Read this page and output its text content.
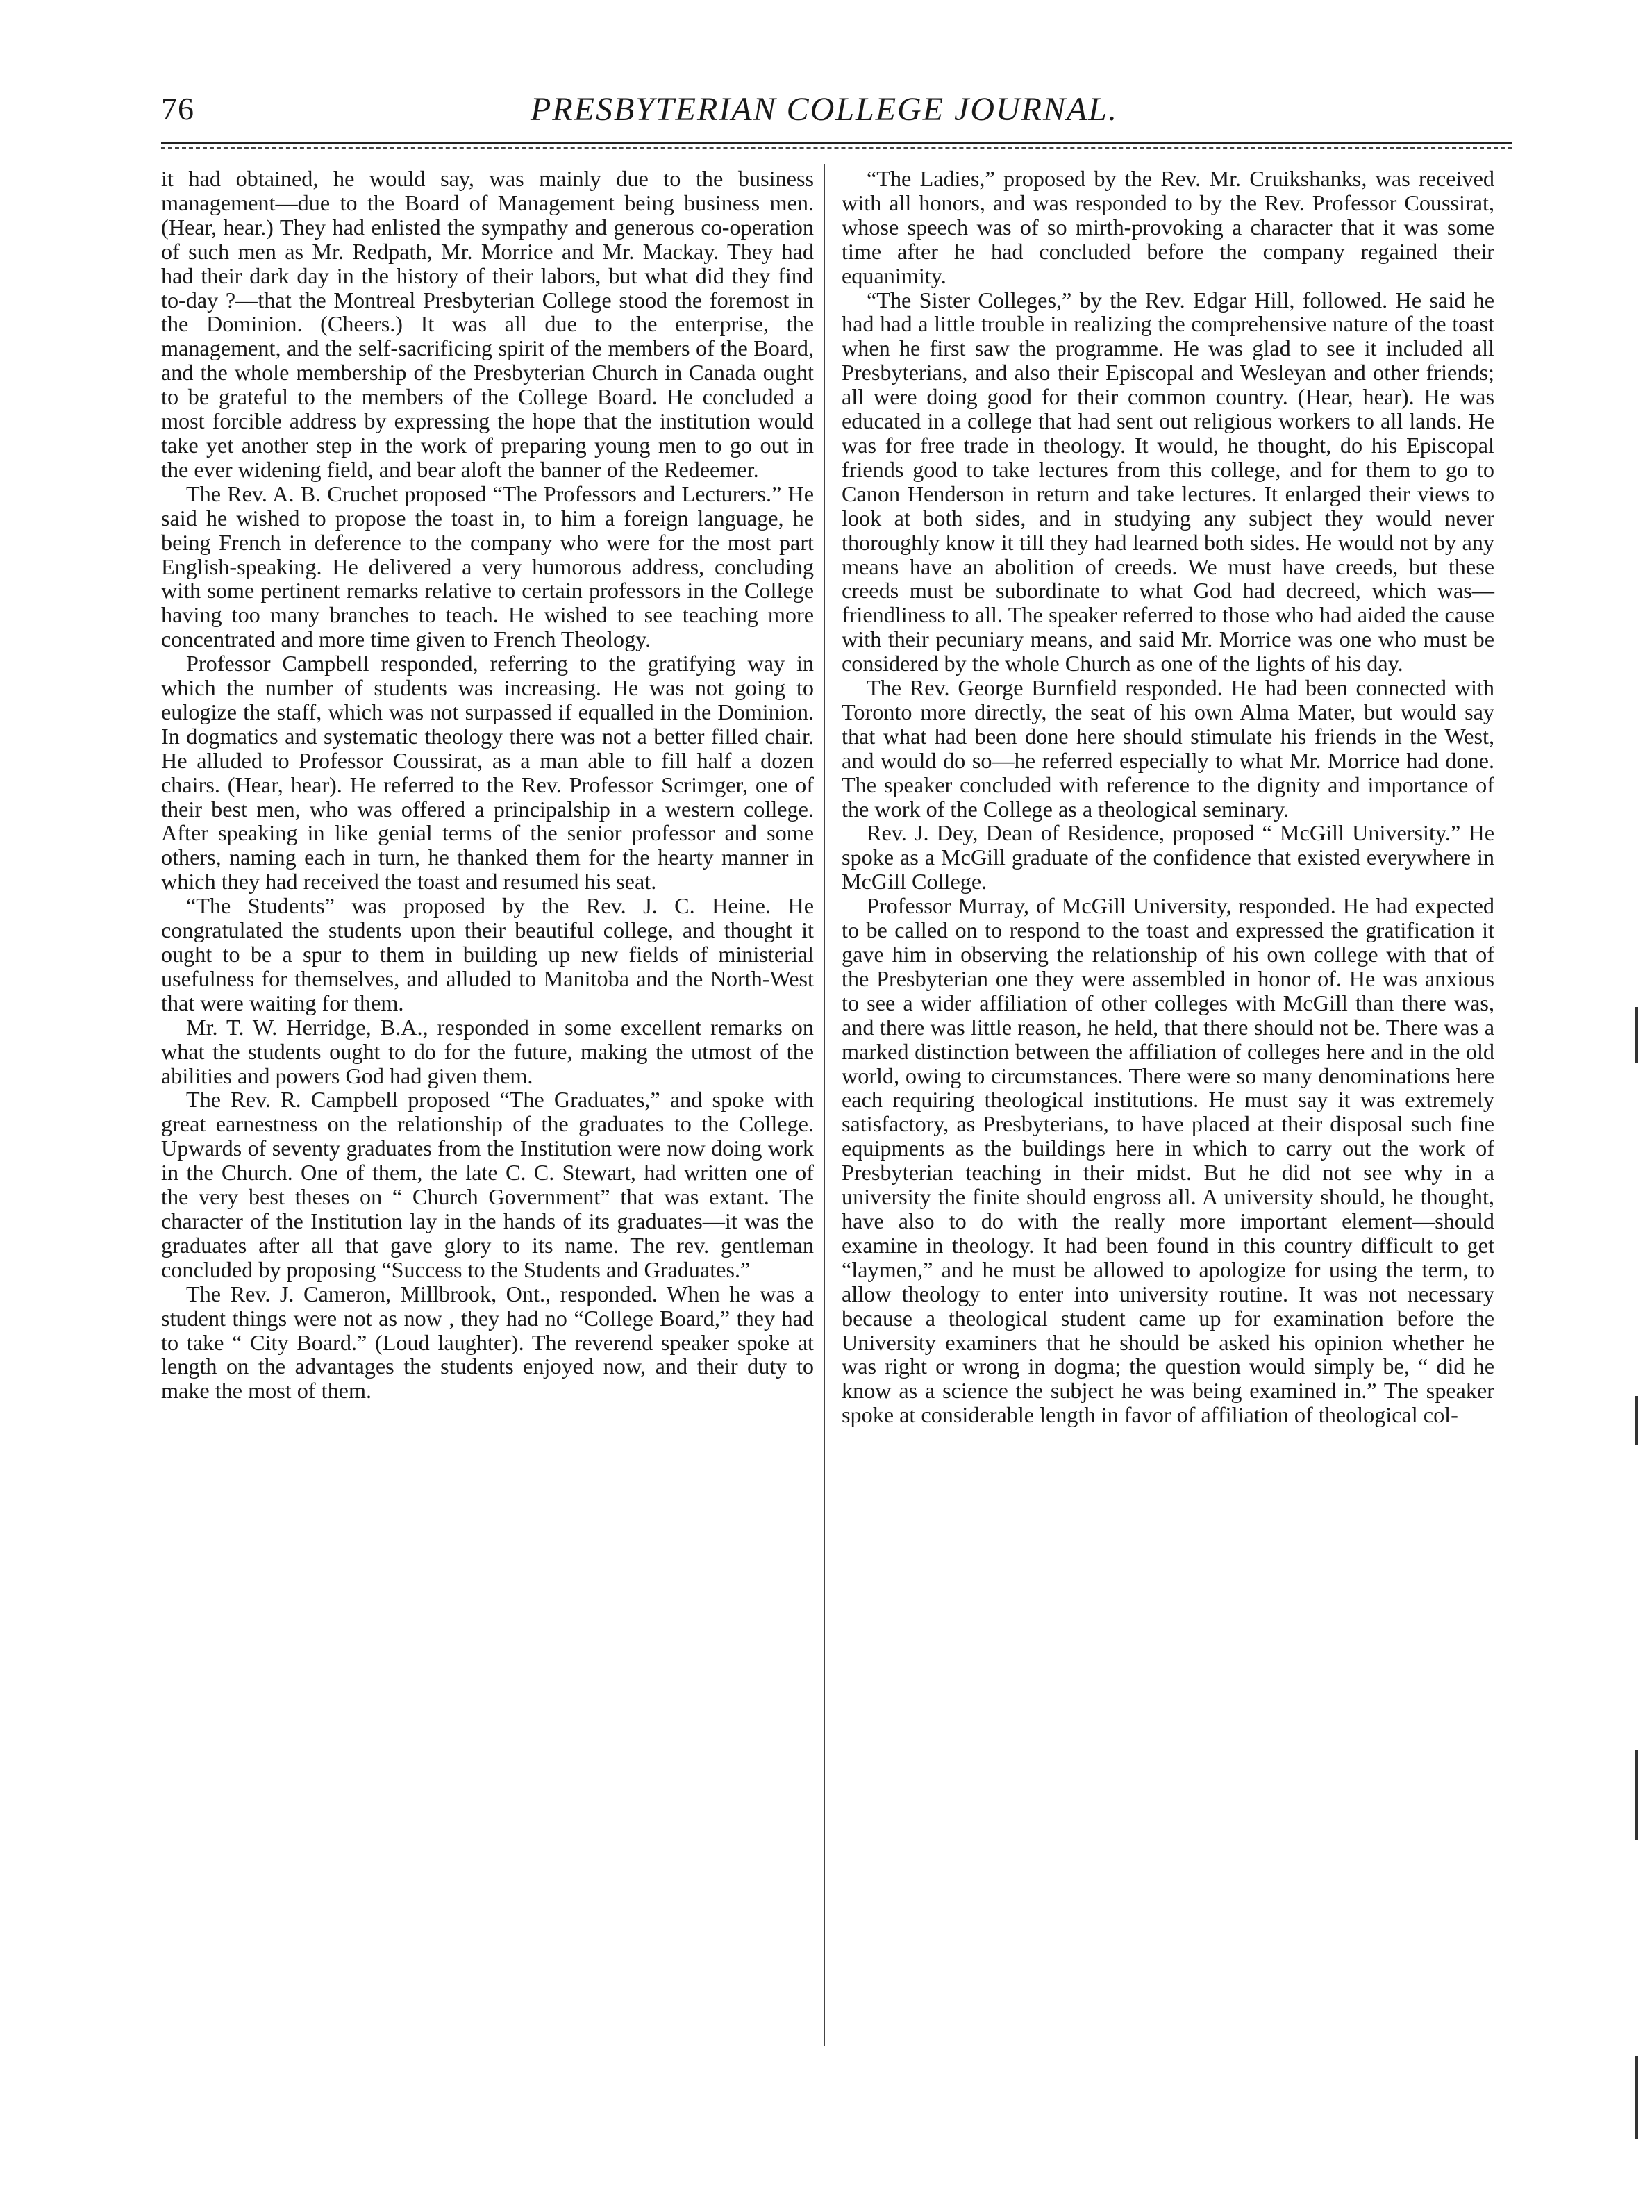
76	PRESBYTERIAN COLLEGE JOURNAL.

it had obtained, he would say, was mainly due to the business management—due to the Board of Management being business men. (Hear, hear.) They had enlisted the sympathy and generous co-operation of such men as Mr. Redpath, Mr. Morrice and Mr. Mackay. They had had their dark day in the history of their labors, but what did they find to-day ?—that the Montreal Presbyterian College stood the foremost in the Dominion. (Cheers.) It was all due to the enterprise, the management, and the self-sacrificing spirit of the members of the Board, and the whole membership of the Presbyterian Church in Canada ought to be grateful to the members of the College Board. He concluded a most forcible address by expressing the hope that the institution would take yet another step in the work of preparing young men to go out in the ever widening field, and bear aloft the banner of the Redeemer.

The Rev. A. B. Cruchet proposed “The Professors and Lecturers.” He said he wished to propose the toast in, to him a foreign language, he being French in deference to the company who were for the most part English-speaking. He delivered a very humorous address, concluding with some pertinent remarks relative to certain professors in the College having too many branches to teach. He wished to see teaching more concentrated and more time given to French Theology.

Professor Campbell responded, referring to the gratifying way in which the number of students was increasing. He was not going to eulogize the staff, which was not surpassed if equalled in the Dominion. In dogmatics and systematic theology there was not a better filled chair. He alluded to Professor Coussirat, as a man able to fill half a dozen chairs. (Hear, hear). He referred to the Rev. Professor Scrimger, one of their best men, who was offered a principalship in a western college. After speaking in like genial terms of the senior professor and some others, naming each in turn, he thanked them for the hearty manner in which they had received the toast and resumed his seat.

“The Students” was proposed by the Rev. J. C. Heine. He congratulated the students upon their beautiful college, and thought it ought to be a spur to them in building up new fields of ministerial usefulness for themselves, and alluded to Manitoba and the North-West that were waiting for them.

Mr. T. W. Herridge, B.A., responded in some excellent remarks on what the students ought to do for the future, making the utmost of the abilities and powers God had given them.

The Rev. R. Campbell proposed “The Graduates,” and spoke with great earnestness on the relationship of the graduates to the College. Upwards of seventy graduates from the Institution were now doing work in the Church. One of them, the late C. C. Stewart, had written one of the very best theses on “ Church Government” that was extant. The character of the Institution lay in the hands of its graduates—it was the graduates after all that gave glory to its name. The rev. gentleman concluded by proposing “Success to the Students and Graduates.”

The Rev. J. Cameron, Millbrook, Ont., responded. When he was a student things were not as now , they had no “College Board,” they had to take “ City Board.” (Loud laughter). The reverend speaker spoke at length on the advantages the students enjoyed now, and their duty to make the most of them.

“The Ladies,” proposed by the Rev. Mr. Cruikshanks, was received with all honors, and was responded to by the Rev. Professor Coussirat, whose speech was of so mirth-provoking a character that it was some time after he had concluded before the company regained their equanimity.

“The Sister Colleges,” by the Rev. Edgar Hill, followed. He said he had had a little trouble in realizing the comprehensive nature of the toast when he first saw the programme. He was glad to see it included all Presbyterians, and also their Episcopal and Wesleyan and other friends; all were doing good for their common country. (Hear, hear). He was educated in a college that had sent out religious workers to all lands. He was for free trade in theology. It would, he thought, do his Episcopal friends good to take lectures from this college, and for them to go to Canon Henderson in return and take lectures. It enlarged their views to look at both sides, and in studying any subject they would never thoroughly know it till they had learned both sides. He would not by any means have an abolition of creeds. We must have creeds, but these creeds must be subordinate to what God had decreed, which was—friendliness to all. The speaker referred to those who had aided the cause with their pecuniary means, and said Mr. Morrice was one who must be considered by the whole Church as one of the lights of his day.

The Rev. George Burnfield responded. He had been connected with Toronto more directly, the seat of his own Alma Mater, but would say that what had been done here should stimulate his friends in the West, and would do so—he referred especially to what Mr. Morrice had done. The speaker concluded with reference to the dignity and importance of the work of the College as a theological seminary.

Rev. J. Dey, Dean of Residence, proposed “ McGill University.” He spoke as a McGill graduate of the confidence that existed everywhere in McGill College.

Professor Murray, of McGill University, responded. He had expected to be called on to respond to the toast and expressed the gratification it gave him in observing the relationship of his own college with that of the Presbyterian one they were assembled in honor of. He was anxious to see a wider affiliation of other colleges with McGill than there was, and there was little reason, he held, that there should not be. There was a marked distinction between the affiliation of colleges here and in the old world, owing to circumstances. There were so many denominations here each requiring theological institutions. He must say it was extremely satisfactory, as Presbyterians, to have placed at their disposal such fine equipments as the buildings here in which to carry out the work of Presbyterian teaching in their midst. But he did not see why in a university the finite should engross all. A university should, he thought, have also to do with the really more important element—should examine in theology. It had been found in this country difficult to get “laymen,” and he must be allowed to apologize for using the term, to allow theology to enter into university routine. It was not necessary because a theological student came up for examination before the University examiners that he should be asked his opinion whether he was right or wrong in dogma; the question would simply be, “ did he know as a science the subject he was being examined in.” The speaker spoke at considerable length in favor of affiliation of theological col-
